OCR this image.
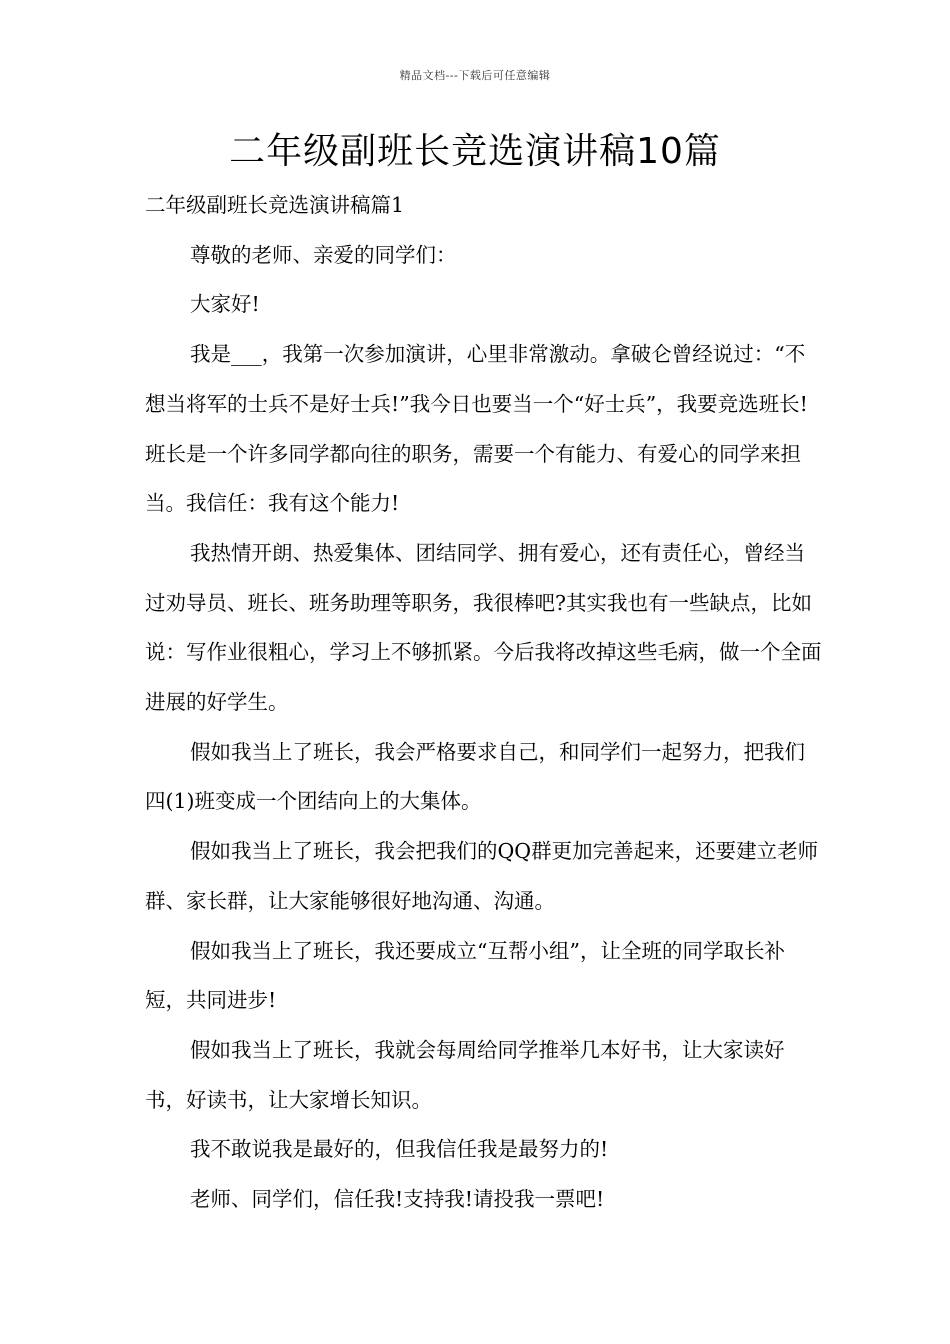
精品文档---下载后可任意编辑
二年级副班长竞选演讲稿10篇

二年级副班长竞选演讲稿篇1

尊敬的老师、亲爱的同学们：

大家好!

我是___，我第一次参加演讲，心里非常激动。拿破仑曾经说过：“不想当将军的士兵不是好士兵!”我今日也要当一个“好士兵”，我要竞选班长!班长是一个许多同学都向往的职务，需要一个有能力、有爱心的同学来担当。我信任：我有这个能力!

我热情开朗、热爱集体、团结同学、拥有爱心，还有责任心，曾经当过劝导员、班长、班务助理等职务，我很棒吧?其实我也有一些缺点，比如说：写作业很粗心，学习上不够抓紧。今后我将改掉这些毛病，做一个全面进展的好学生。

假如我当上了班长，我会严格要求自己，和同学们一起努力，把我们四(1)班变成一个团结向上的大集体。

假如我当上了班长，我会把我们的QQ群更加完善起来，还要建立老师群、家长群，让大家能够很好地沟通、沟通。

假如我当上了班长，我还要成立“互帮小组”，让全班的同学取长补短，共同进步!

假如我当上了班长，我就会每周给同学推举几本好书，让大家读好书，好读书，让大家增长知识。

我不敢说我是最好的，但我信任我是最努力的!

老师、同学们，信任我!支持我!请投我一票吧!
